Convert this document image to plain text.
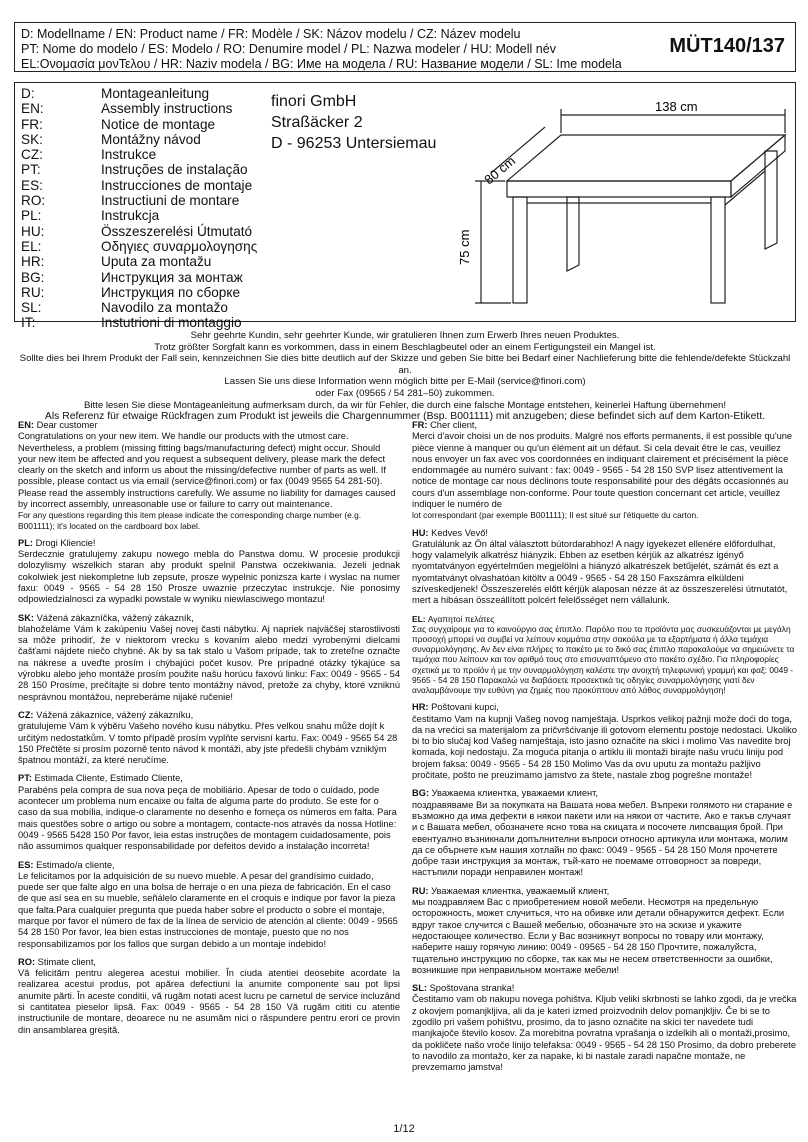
D: Modellname / EN: Product name / FR: Modèle / SK: Názov modelu / CZ: Název modelu
PT: Nome do modelo / ES: Modelo / RO: Denumire model / PL: Nazwa modeler / HU: Modell név
EL:Ονομασία μονΤελου / HR: Naziv modela / BG: Име на модела / RU: Название модели / SL: Ime modela
MÜT140/137
D:	Montageanleitung
EN:	Assembly instructions
FR:	Notice de montage
SK:	Montážny návod
CZ:	Instrukce
PT:	Instruções de instalação
ES:	Instrucciones de montaje
RO:	Instructiuni de montare
PL:	Instrukcja
HU:	Összeszerelési Útmutató
EL:	Οδηγιες συναρμολογησης
HR:	Uputa za montažu
BG:	Инструкция за монтаж
RU:	Инструкция по сборке
SL:	Navodilo za montažo
IT:	Instutrioni di montaggio
finori GmbH
Straßäcker 2
D - 96253 Untersiemau
138 cm
80 cm
75 cm
Sehr geehrte Kundin, sehr geehrter Kunde, wir gratulieren Ihnen zum Erwerb Ihres neuen Produktes.
Trotz größter Sorgfalt kann es vorkommen, dass in einem Beschlagbeutel oder an einem Fertigungsteil ein Mangel ist.
Sollte dies bei Ihrem Produkt der Fall sein, kennzeichnen Sie dies bitte deutlich auf der Skizze und geben Sie bitte bei Bedarf einer Nachlieferung bitte die fehlende/defekte Stückzahl an.
Lassen Sie uns diese Information wenn möglich bitte per E-Mail (service@finori.com)
oder Fax (09565 / 54 281–50) zukommen.
Bitte lesen Sie diese Montageanleitung aufmerksam durch, da wir für Fehler, die durch eine falsche Montage entstehen, keinerlei Haftung übernehmen!
Als Referenz für etwaige Rückfragen zum Produkt ist jeweils die Chargennummer (Bsp. B001111) mit anzugeben; diese befindet sich auf dem Karton-Etikett.
EN: Dear customer
Congratulations on your new item. We handle our products with the utmost care. Nevertheless, a problem (missing fitting bags/manufacturing defect) might occur. Should your new item be affected and you request a subsequent delivery, please mark the defect clearly on the sketch and inform us about the missing/defective number of parts as well. If possible, please contact us via email (service@finori.com) or fax (0049 9565 54 281-50). Please read the assembly instructions carefully. We assume no liability for damages caused by incorrect assembly, unreasonable use or failure to carry out maintenance.
For any questions regarding this item please indicate the corresponding charge number (e.g. B001111); it's located on the cardboard box label.
PL: Drogi Kliencie!
Serdecznie gratulujemy zakupu nowego mebla do Panstwa domu. W procesie produkcji dolozylismy wszelkich staran aby produkt spelnil Panstwa oczekiwania. Jezeli jednak cokolwiek jest niekompletne lub zepsute, prosze wypelnic ponizsza karte i wyslac na numer faxu: 0049 - 9565 - 54 28 150 Prosze uwaznie przeczytac instrukcje. Nie ponosimy odpowiedzialnosci za wypadki powstale w wyniku niewlasciwego montazu!
SK: Vážená zákazníčka, vážený zákazník,
blahoželáme Vám k zakúpeniu Vašej novej časti nábytku. Aj napriek najväčšej starostlivosti sa môže prihodiť, že v niektorom vrecku s kovaním alebo medzi vyrobenými dielcami čašťami nájdete niečo chybné. Ak by sa tak stalo u Vašom prípade, tak to zreteľne označte na nákrese a uveďte prosím i chýbajúci počet kusov. Pre prípadné otázky týkajúce sa výrobku alebo jeho montáže prosím použite našu horúcu faxovú linku: Fax: 0049 - 9565 - 54 28 150 Prosíme, prečítajte si dobre tento montážny návod, pretože za chyby, ktoré vzniknú nesprávnou montážou, nepreberáme nijaké ručenie!
CZ: Vážená zákaznice, vážený zákazníku,
gratulujeme Vám k výběru Vašeho nového kusu nábytku. Přes velkou snahu může dojít k určitým nedostatkům. V tomto případě prosím vyplňte servisní kartu. Fax: 0049 - 9565 54 28 150 Přečtěte si prosím pozorně tento návod k montáži, aby jste předešli chybám vzniklým špatnou montáží, za které neručíme.
PT: Estimada Cliente, Estimado Cliente,
Parabéns pela compra de sua nova peça de mobiliário. Apesar de todo o cuidado, pode acontecer um problema num encaixe ou falta de alguma parte do produto. Se este for o caso da sua mobília, indique-o claramente no desenho e forneça os números em falta. Para mais questões sobre o artigo ou sobre a montagem, contacte-nos através da nossa Hotline: 0049 - 9565 5428 150 Por favor, leia estas instruções de montagem cuidadosamente, pois não assumimos qualquer responsabilidade por defeitos devido a instalação incorreta!
ES: Estimado/a cliente,
Le felicitamos por la adquisición de su nuevo mueble. A pesar del grandísimo cuidado, puede ser que falte algo en una bolsa de herraje o en una pieza de fabricación. En el caso de que así sea en su mueble, señálelo claramente en el croquis e indique por favor la pieza que falta.Para cualquier pregunta que pueda haber sobre el producto o sobre el montaje, marque por favor el número de fax de la línea de servicio de atención al cliente: 0049 - 9565 54 28 150 Por favor, lea bien estas instrucciones de montaje, puesto que no nos responsabilizamos por los fallos que surgan debido a un montaje indebido!
RO: Stimate client,
Vă felicităm pentru alegerea acestui mobilier. În ciuda atentiei deosebite acordate la realizarea acestui produs, pot apărea defectiuni la anumite componente sau pot lipsi anumite părti. În aceste conditii, vă rugăm notati acest lucru pe carnetul de service incluzând si cantitatea pieselor lipsă. Fax: 0049 - 9565 - 54 28 150 Vă rugăm cititi cu atentie instructiunile de montare, deoarece nu ne asumăm nici o răspundere pentru erori ce provin din ansamblarea greșită.
FR: Cher client,
Merci d'avoir choisi un de nos produits. Malgré nos efforts permanents, il est possible qu'une pièce vienne à manquer ou qu'un élément ait un défaut. Si cela devait être le cas, veuillez nous envoyer un fax avec vos coordonnées en indiquant clairement et précisément la pièce endommagée au numéro suivant : fax: 0049 - 9565 - 54 28 150 SVP lisez attentivement la notice de montage car nous déclinons toute responsabilité pour des dégâts occasionnés au cours d'un assemblage non-conforme. Pour toute question concernant cet article, veuillez indiquer le numéro de
lot correspondant (par exemple B001111); Il est situé sur l'étiquette du carton.
HU: Kedves Vevő!
Gratulálunk az Ön által választott bútordarabhoz! A nagy igyekezet ellenére előfordulhat, hogy valamelyik alkatrész hiányzik. Ebben az esetben kérjük az alkatrész igényő nyomtatványon egyértelműen megjelölni a hiányzó alkatrészek betűjelét, számát és ezt a nyomtatványt olvashatóan kitöltv a 0049 - 9565 - 54 28 150 Faxszámra elküldeni szíveskedjenek! Összeszerelés előtt kérjük alaposan nézze át az összeszerelési útmutatót, mert a hibásan összeállított polcért felelősséget nem vállalunk.
EL: Αγαπητοί πελάτες
Σας συγχαίρομε για το καινούργιο σας έπιπλο. Παρόλο που τα προϊόντα μας συσκευάζονται με μεγάλη προσοχή μπορεί να συμβεί να λείπουν κομμάτια στην σακούλα με τα εξαρτήματα ή άλλα τεμάχια συναρμολόγησης. Αν δεν είναι πλήρες το πακέτο με το δικό σας έπιπλο παρακαλούμε να σημειώνετε τα τεμάχια που λείπουν και τον αριθμό τους στο επισυναπτόμενο στο πακέτο σχέδιο. Για πληροφορίες σχετικά με το προϊόν ή με την συναρμολόγηση καλέστε την ανοιχτή τηλεφωνική γραμμή και φαξ: 0049 - 9565 - 54 28 150 Παρακαλώ να διαβάσετε προσεκτικά τις οδηγίες συναρμολόγησης γιατί δεν αναλαμβάνουμε την ευθύνη για ζημιές που προκύπτουν από λάθος συναρμολόγηση!
HR: Poštovani kupci,
čestitamo Vam na kupnji Vašeg novog namještaja. Usprkos velikoj pažnji može doći do toga, da na vrećici sa materijalom za pričvršćivanje ili gotovom elementu postoje nedostaci. Ukoliko bi to bio slučaj kod Vašeg namještaja, isto jasno označite na skici i molimo Vas navedite broj komada, koji nedostaju. Za moguća pitanja o artiklu ili montaži birajte našu vruću liniju pod brojem faksa: 0049 - 9565 - 54 28 150 Molimo Vas da ovu uputu za montažu pažljivo pročitate, pošto ne preuzimamo jamstvo za štete, nastale zbog pogrešne montaže!
BG: Уважаема клиентка, уважаеми клиент,
поздравяваме Ви за покупката на Вашата нова мебел. Въпреки голямото ни старание е възможно да има дефекти в някои пакети или на някои от частите. Ако е такъв случаят и с Вашата мебел, обозначете ясно това на скицата и посочете липсващия брой. При евентуално възникнали допълнителни въпроси относно артикула или монтажа, молим да се обърнете към нашия хотлайн по факс: 0049 - 9565 - 54 28 150 Моля прочетете добре тази инструкция за монтаж, тъй-като не поемаме отговорност за повреди, настъпили поради неправилен монтаж!
RU: Уважаемая клиентка, уважаемый клиент,
мы поздравляем Вас с приобретением новой мебели. Несмотря на предельную осторожность, может случиться, что на обивке или детали обнаружится дефект. Если вдруг такое случится с Вашей мебелью, обозначьте это на эскизе и укажите недостающее количество. Если у Вас возникнут вопросы по товару или монтажу, наберите нашу горячую линию: 0049 - 09565 - 54 28 150 Прочтите, пожалуйста, тщательно инструкцию по сборке, так как мы не несем ответственности за ошибки, возникшие при неправильном монтаже мебели!
SL: Spoštovana stranka!
Čestitamo vam ob nakupu novega pohištva. Kljub veliki skrbnosti se lahko zgodi, da je vrečka z okovjem pomanjkljiva, ali da je kateri izmed proizvodnih delov pomanjkljiv. Če bi se to zgodilo pri vašem pohištvu, prosimo, da to jasno označite na skici ter navedete tudi manjkajoče število kosov. Za morebitna povratna vprašanja o izdelkih ali o montaži,prosimo, da pokličete našo vroče linijo telefaksa: 0049 - 9565 - 54 28 150 Prosimo, da dobro preberete to navodilo za montažo, ker za napake, ki bi nastale zaradi napačne montaže, ne prevzemamo jamstva!
1/12
